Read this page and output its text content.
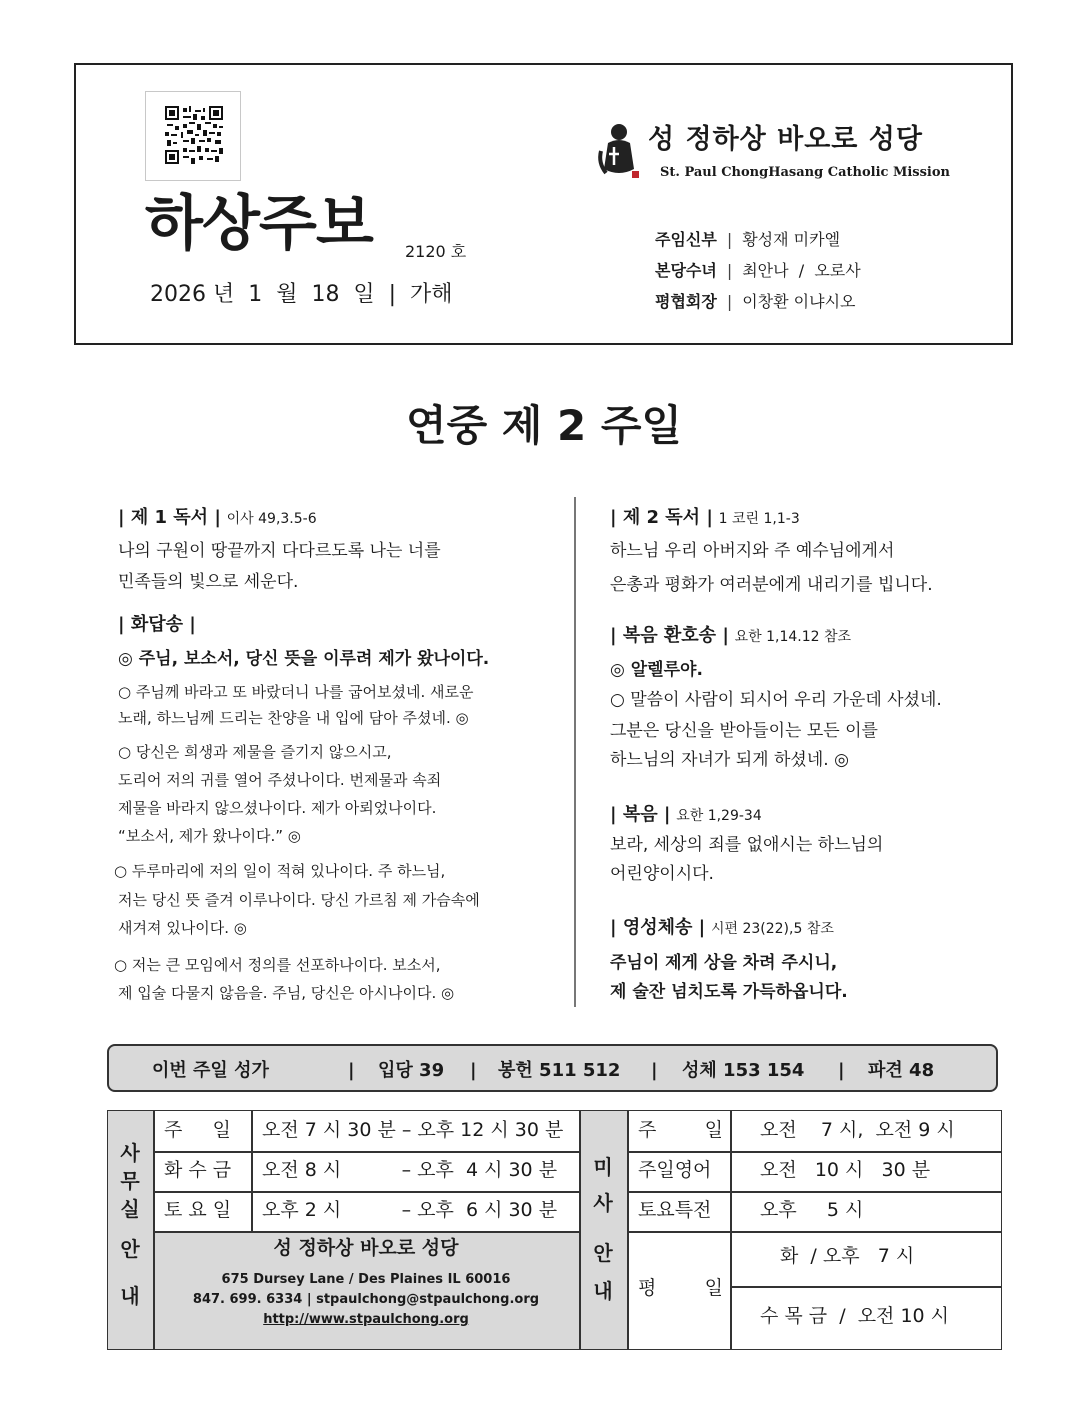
하상주보 2120 호
2026 년  1  월  18  일  |  가해
성 정하상 바오로 성당
St. Paul ChongHasang Catholic Mission
주임신부 | 황성재 미카엘
본당수녀 | 최안나  /  오로사
평협회장 | 이창환 이냐시오
연중 제 2 주일
| 제 1 독서 | 이사 49,3.5-6
나의 구원이 땅끝까지 다다르도록 나는 너를
민족들의 빛으로 세운다.
| 화답송 |
◎ 주님, 보소서, 당신 뜻을 이루려 제가 왔나이다.
○ 주님께 바라고 또 바랐더니 나를 굽어보셨네. 새로운
노래, 하느님께 드리는 찬양을 내 입에 담아 주셨네. ◎
○ 당신은 희생과 제물을 즐기지 않으시고,
도리어 저의 귀를 열어 주셨나이다. 번제물과 속죄
제물을 바라지 않으셨나이다. 제가 아뢰었나이다.
“보소서, 제가 왔나이다.” ◎
○ 두루마리에 저의 일이 적혀 있나이다. 주 하느님,
저는 당신 뜻 즐겨 이루나이다. 당신 가르침 제 가슴속에
새겨져 있나이다. ◎
○ 저는 큰 모임에서 정의를 선포하나이다. 보소서,
제 입술 다물지 않음을. 주님, 당신은 아시나이다. ◎
| 제 2 독서 | 1 코린 1,1-3
하느님 우리 아버지와 주 예수님에게서
은총과 평화가 여러분에게 내리기를 빕니다.
| 복음 환호송 | 요한 1,14.12 참조
◎ 알렐루야.
○ 말씀이 사람이 되시어 우리 가운데 사셨네.
그분은 당신을 받아들이는 모든 이를
하느님의 자녀가 되게 하셨네. ◎
| 복음 | 요한 1,29-34
보라, 세상의 죄를 없애시는 하느님의
어린양이시다.
| 영성체송 | 시편 23(22),5 참조
주님이 제게 상을 차려 주시니,
제 술잔 넘치도록 가득하옵니다.
이번 주일 성가	| 입당 39 | 봉헌 511 512 | 성체 153 154 | 파견 48
사
무
실
안
내
주     일 오전 7 시 30 분 – 오후 12 시 30 분
화 수 금 오전 8 시          – 오후  4 시 30 분
토 요 일 오후 2 시          – 오후  6 시 30 분
성 정하상 바오로 성당
675 Dursey Lane / Des Plaines IL 60016
847. 699. 6334 | stpaulchong@stpaulchong.org
http://www.stpaulchong.org
미
사
안
내
주        일 오전    7 시,  오전 9 시
주일영어	오전   10 시   30 분
토요특전	오후     5 시
평        일
화  / 오후   7 시
수 목 금  /  오전 10 시
